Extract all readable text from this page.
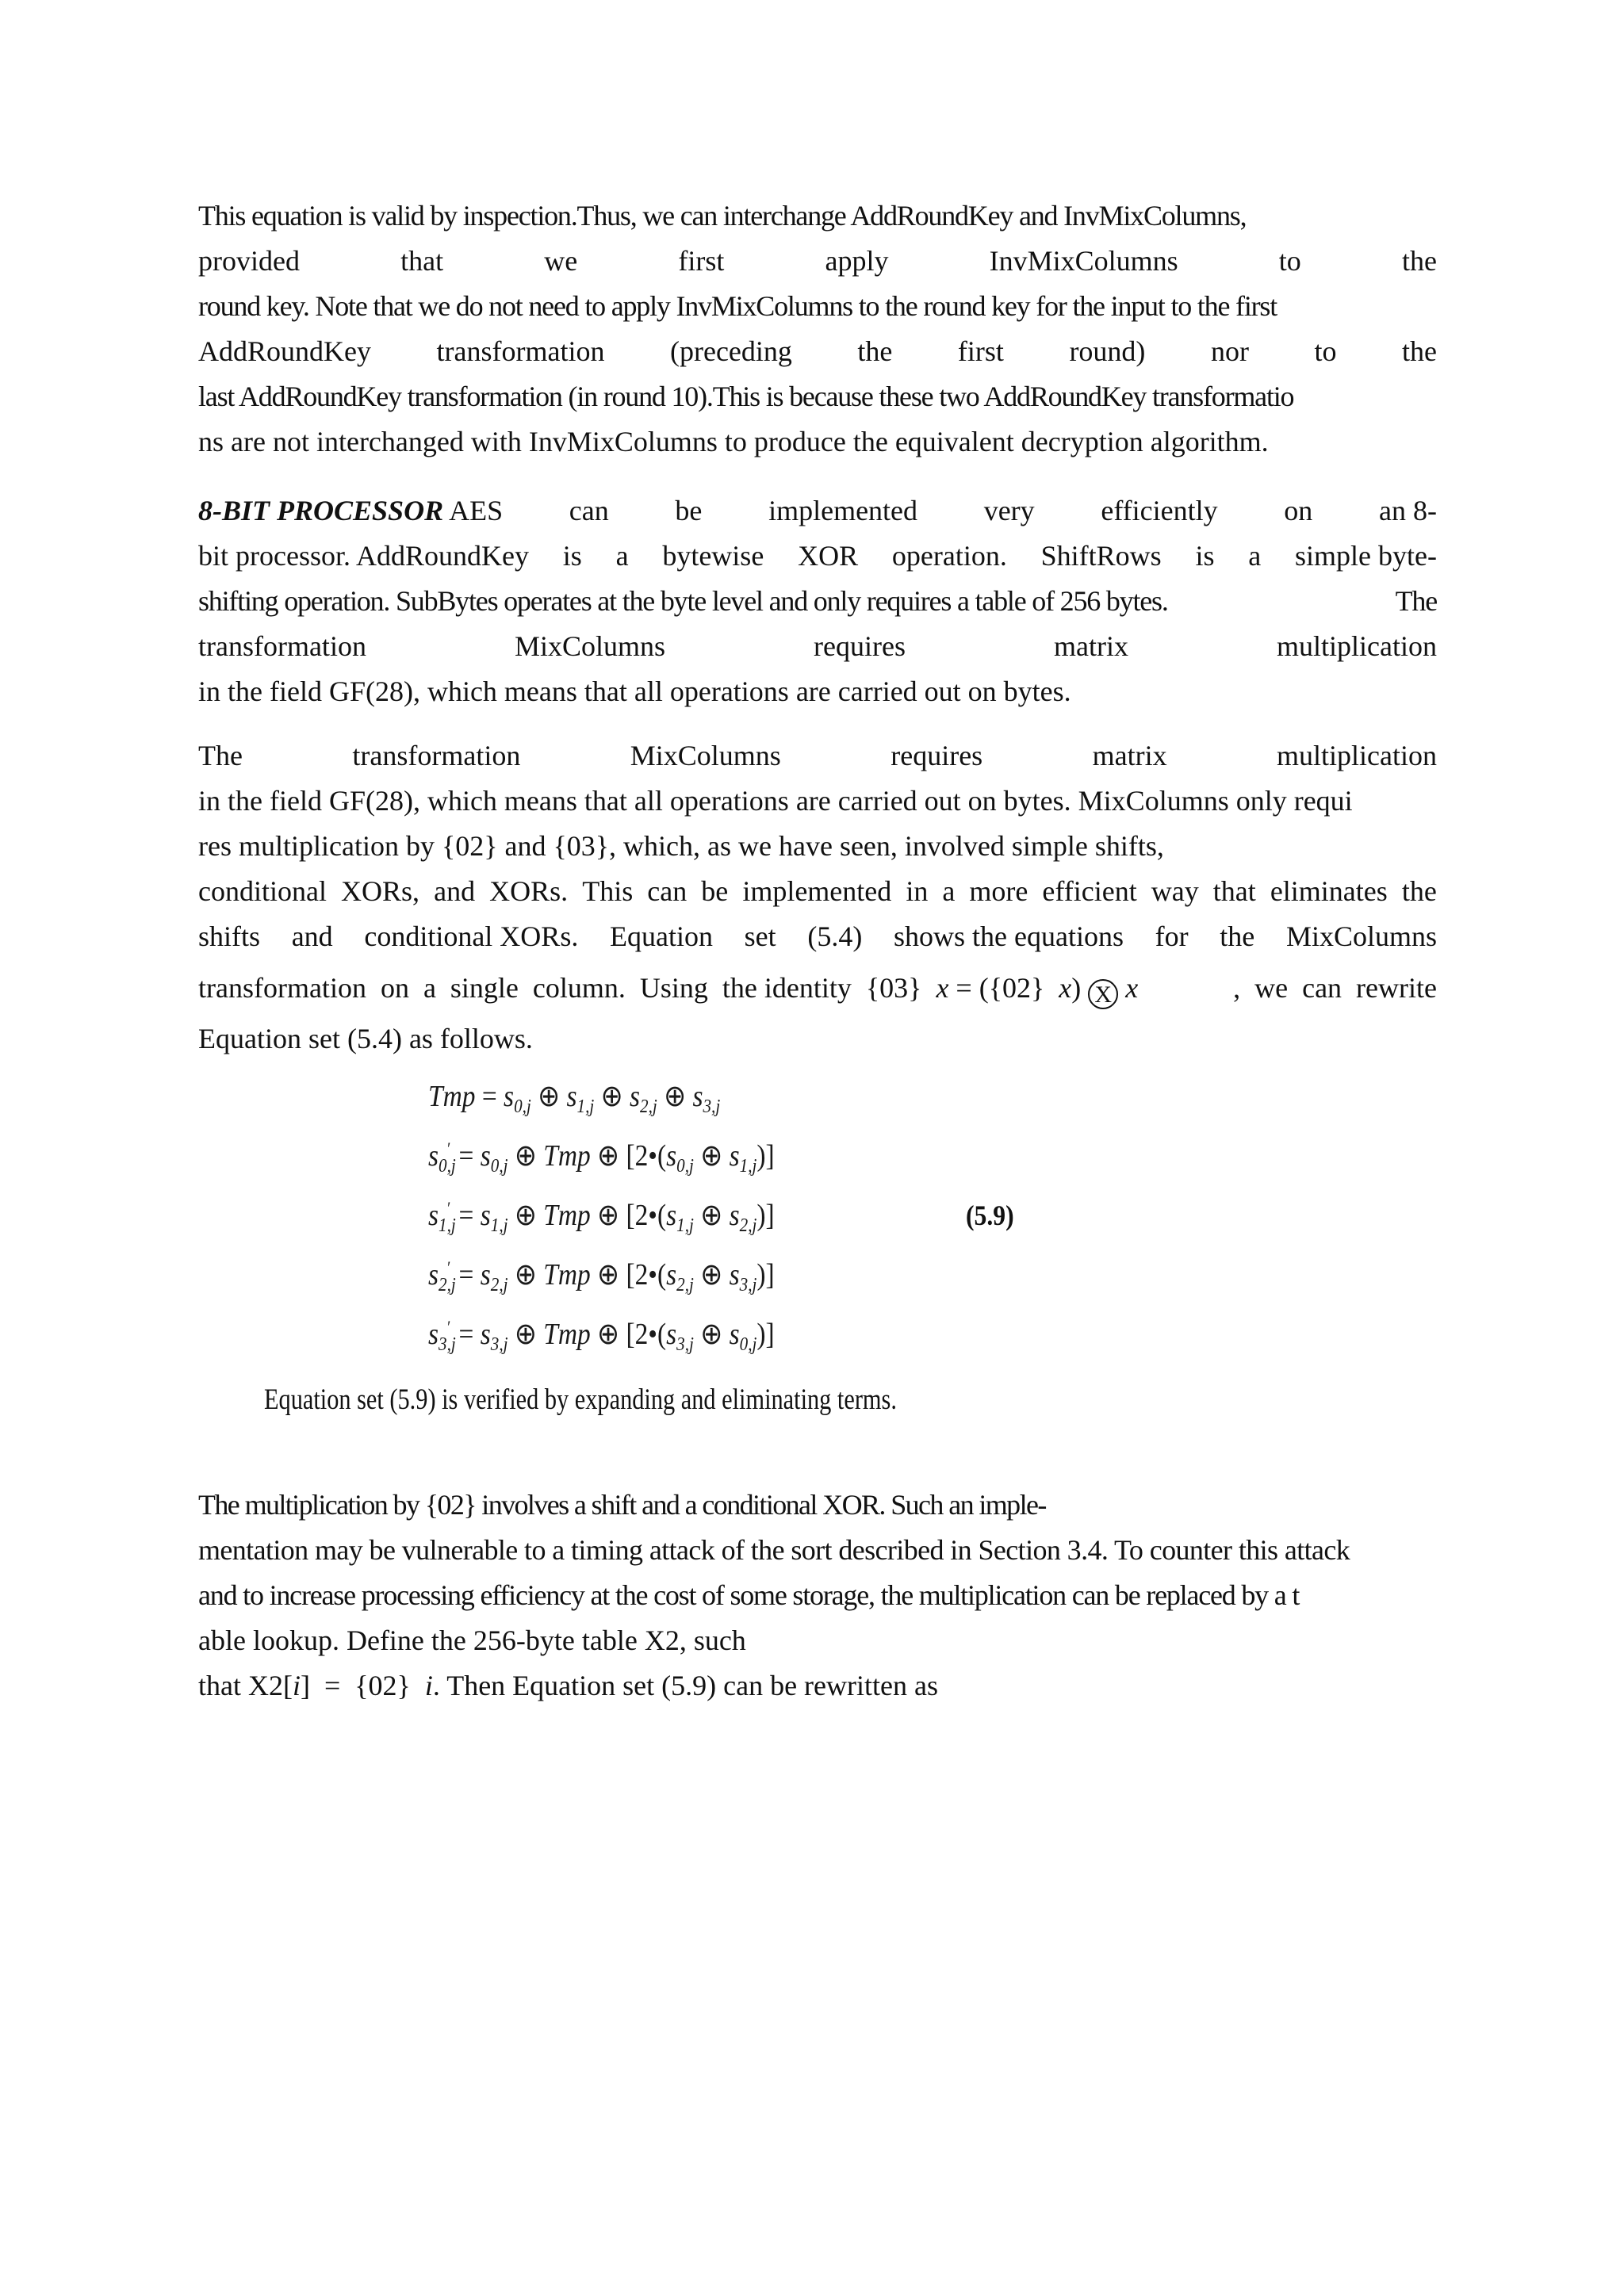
This equation is valid by inspection.Thus, we can interchange AddRoundKey and InvMixColumns,
provided	that	we	first	apply	InvMixColumns	to	the
round key. Note that we do not need to apply InvMixColumns to the round key for the input to the first
AddRoundKey transformation (preceding the first round) nor to the
last AddRoundKey transformation (in round 10).This is because these two AddRoundKey transformatio
ns are not interchanged with InvMixColumns to produce the equivalent decryption algorithm.
8-BIT PROCESSOR AES can be implemented very efficiently on an 8-
bit processor. AddRoundKey is a bytewise XOR operation. ShiftRows is a simple byte-
shifting operation. SubBytes operates at the byte level and only requires a table of 256 bytes.	The
transformation	MixColumns	requires	matrix	multiplication
in the field GF(28), which means that all operations are carried out on bytes.
The	transformation	MixColumns	requires	matrix	multiplication
in the field GF(28), which means that all operations are carried out on bytes. MixColumns only requi
res multiplication by {02} and {03}, which, as we have seen, involved simple shifts,
conditional XORs, and XORs. This can be implemented in a more efficient way that eliminates the
shifts and conditional XORs. Equation set (5.4) shows the equations for the MixColumns
transformation  on  a  single  column.  Using  the identity  {03} x = ({02} x) X x	,  we  can  rewrite
Equation set (5.4) as follows.
Tmp = $s_{0,j}$ ⊕ $s_{1,j}$ ⊕ $s_{2,j}$ ⊕ $s_{3,j}$
$s_{0,j}' = s_{0,j}$ ⊕ Tmp ⊕ [$2•(s_{0,j}$ ⊕ $s_{1,j}$)]
$s_{1,j}' = s_{1,j}$ ⊕ Tmp ⊕ [$2•(s_{1,j}$ ⊕ $s_{2,j}$)]	(5.9)
$s_{2,j}' = s_{2,j}$ ⊕ Tmp ⊕ [$2•(s_{2,j}$ ⊕ $s_{3,j}$)]
$s_{3,j}' = s_{3,j}$ ⊕ Tmp ⊕ [$2•(s_{3,j}$ ⊕ $s_{0,j}$)]
Equation set (5.9) is verified by expanding and eliminating terms.
The multiplication by {02} involves a shift and a conditional XOR. Such an imple-
mentation may be vulnerable to a timing attack of the sort described in Section 3.4. To counter this attack
and to increase processing efficiency at the cost of some storage, the multiplication can be replaced by a t
able lookup. Define the 256-byte table X2, such
that X2[i]  =  {02} i. Then Equation set (5.9) can be rewritten as
